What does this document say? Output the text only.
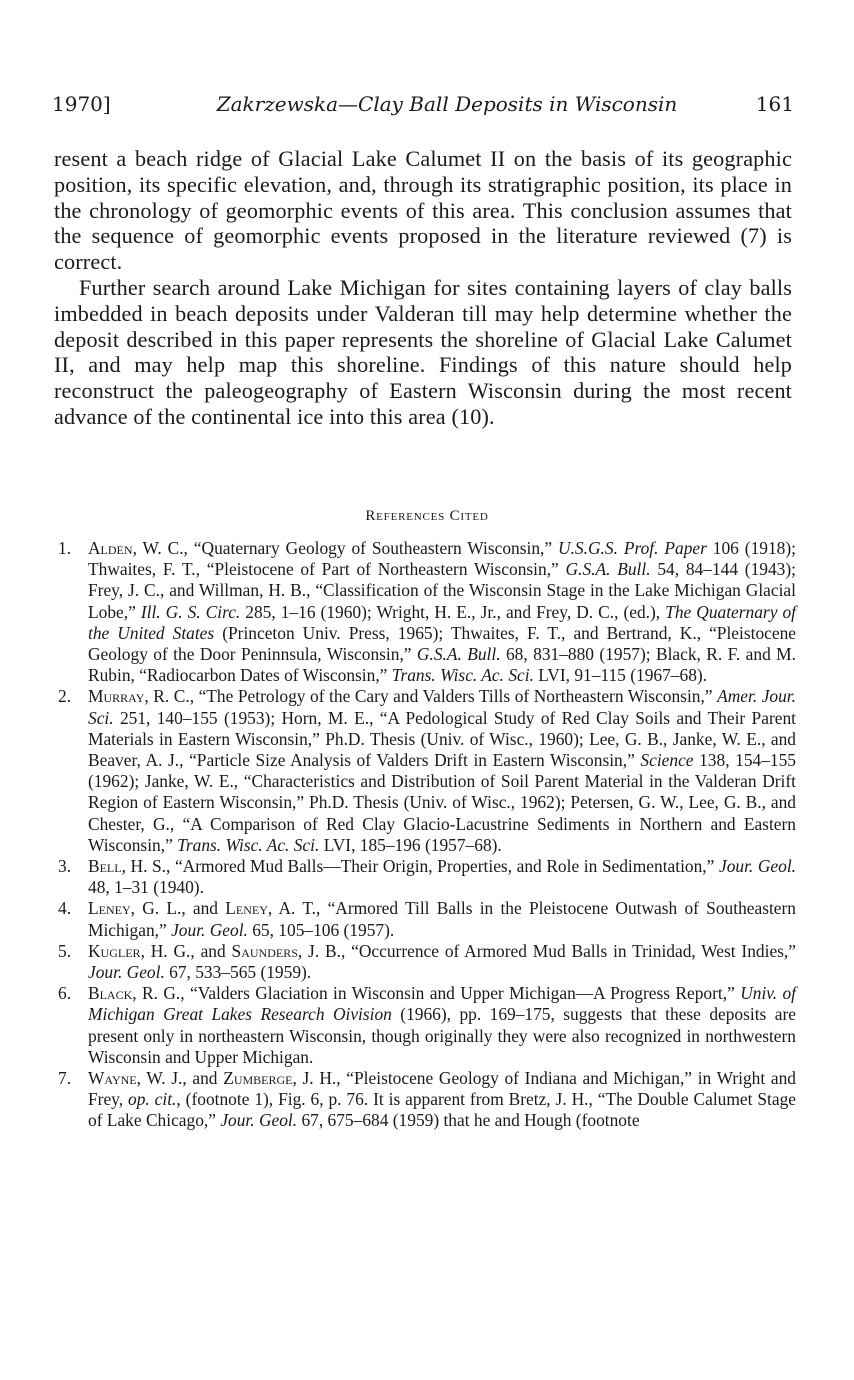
1970]	Zakrzewska—Clay Ball Deposits in Wisconsin	161

resent a beach ridge of Glacial Lake Calumet II on the basis of its geographic position, its specific elevation, and, through its stratigraphic position, its place in the chronology of geomorphic events of this area. This conclusion assumes that the sequence of geomorphic events proposed in the literature reviewed (7) is correct.

Further search around Lake Michigan for sites containing layers of clay balls imbedded in beach deposits under Valderan till may help determine whether the deposit described in this paper represents the shoreline of Glacial Lake Calumet II, and may help map this shoreline. Findings of this nature should help reconstruct the paleogeography of Eastern Wisconsin during the most recent advance of the continental ice into this area (10).

References Cited
1. Alden, W. C., “Quaternary Geology of Southeastern Wisconsin,” U.S.G.S. Prof. Paper 106 (1918); Thwaites, F. T., “Pleistocene of Part of Northeastern Wisconsin,” G.S.A. Bull. 54, 84–144 (1943); Frey, J. C., and Willman, H. B., “Classification of the Wisconsin Stage in the Lake Michigan Glacial Lobe,” Ill. G. S. Circ. 285, 1–16 (1960); Wright, H. E., Jr., and Frey, D. C., (ed.), The Quaternary of the United States (Princeton Univ. Press, 1965); Thwaites, F. T., and Bertrand, K., “Pleistocene Geology of the Door Peninnsula, Wisconsin,” G.S.A. Bull. 68, 831–880 (1957); Black, R. F. and M. Rubin, “Radiocarbon Dates of Wisconsin,” Trans. Wisc. Ac. Sci. LVI, 91–115 (1967–68).
2. Murray, R. C., “The Petrology of the Cary and Valders Tills of Northeastern Wisconsin,” Amer. Jour. Sci. 251, 140–155 (1953); Horn, M. E., “A Pedological Study of Red Clay Soils and Their Parent Materials in Eastern Wisconsin,” Ph.D. Thesis (Univ. of Wisc., 1960); Lee, G. B., Janke, W. E., and Beaver, A. J., “Particle Size Analysis of Valders Drift in Eastern Wisconsin,” Science 138, 154–155 (1962); Janke, W. E., “Characteristics and Distribution of Soil Parent Material in the Valderan Drift Region of Eastern Wisconsin,” Ph.D. Thesis (Univ. of Wisc., 1962); Petersen, G. W., Lee, G. B., and Chester, G., “A Comparison of Red Clay Glacio-Lacustrine Sediments in Northern and Eastern Wisconsin,” Trans. Wisc. Ac. Sci. LVI, 185–196 (1957–68).
3. Bell, H. S., “Armored Mud Balls—Their Origin, Properties, and Role in Sedimentation,” Jour. Geol. 48, 1–31 (1940).
4. Leney, G. L., and Leney, A. T., “Armored Till Balls in the Pleistocene Outwash of Southeastern Michigan,” Jour. Geol. 65, 105–106 (1957).
5. Kugler, H. G., and Saunders, J. B., “Occurrence of Armored Mud Balls in Trinidad, West Indies,” Jour. Geol. 67, 533–565 (1959).
6. Black, R. G., “Valders Glaciation in Wisconsin and Upper Michigan—A Progress Report,” Univ. of Michigan Great Lakes Research Oivision (1966), pp. 169–175, suggests that these deposits are present only in northeastern Wisconsin, though originally they were also recognized in northwestern Wisconsin and Upper Michigan.
7. Wayne, W. J., and Zumberge, J. H., “Pleistocene Geology of Indiana and Michigan,” in Wright and Frey, op. cit., (footnote 1), Fig. 6, p. 76. It is apparent from Bretz, J. H., “The Double Calumet Stage of Lake Chicago,” Jour. Geol. 67, 675–684 (1959) that he and Hough (footnote
